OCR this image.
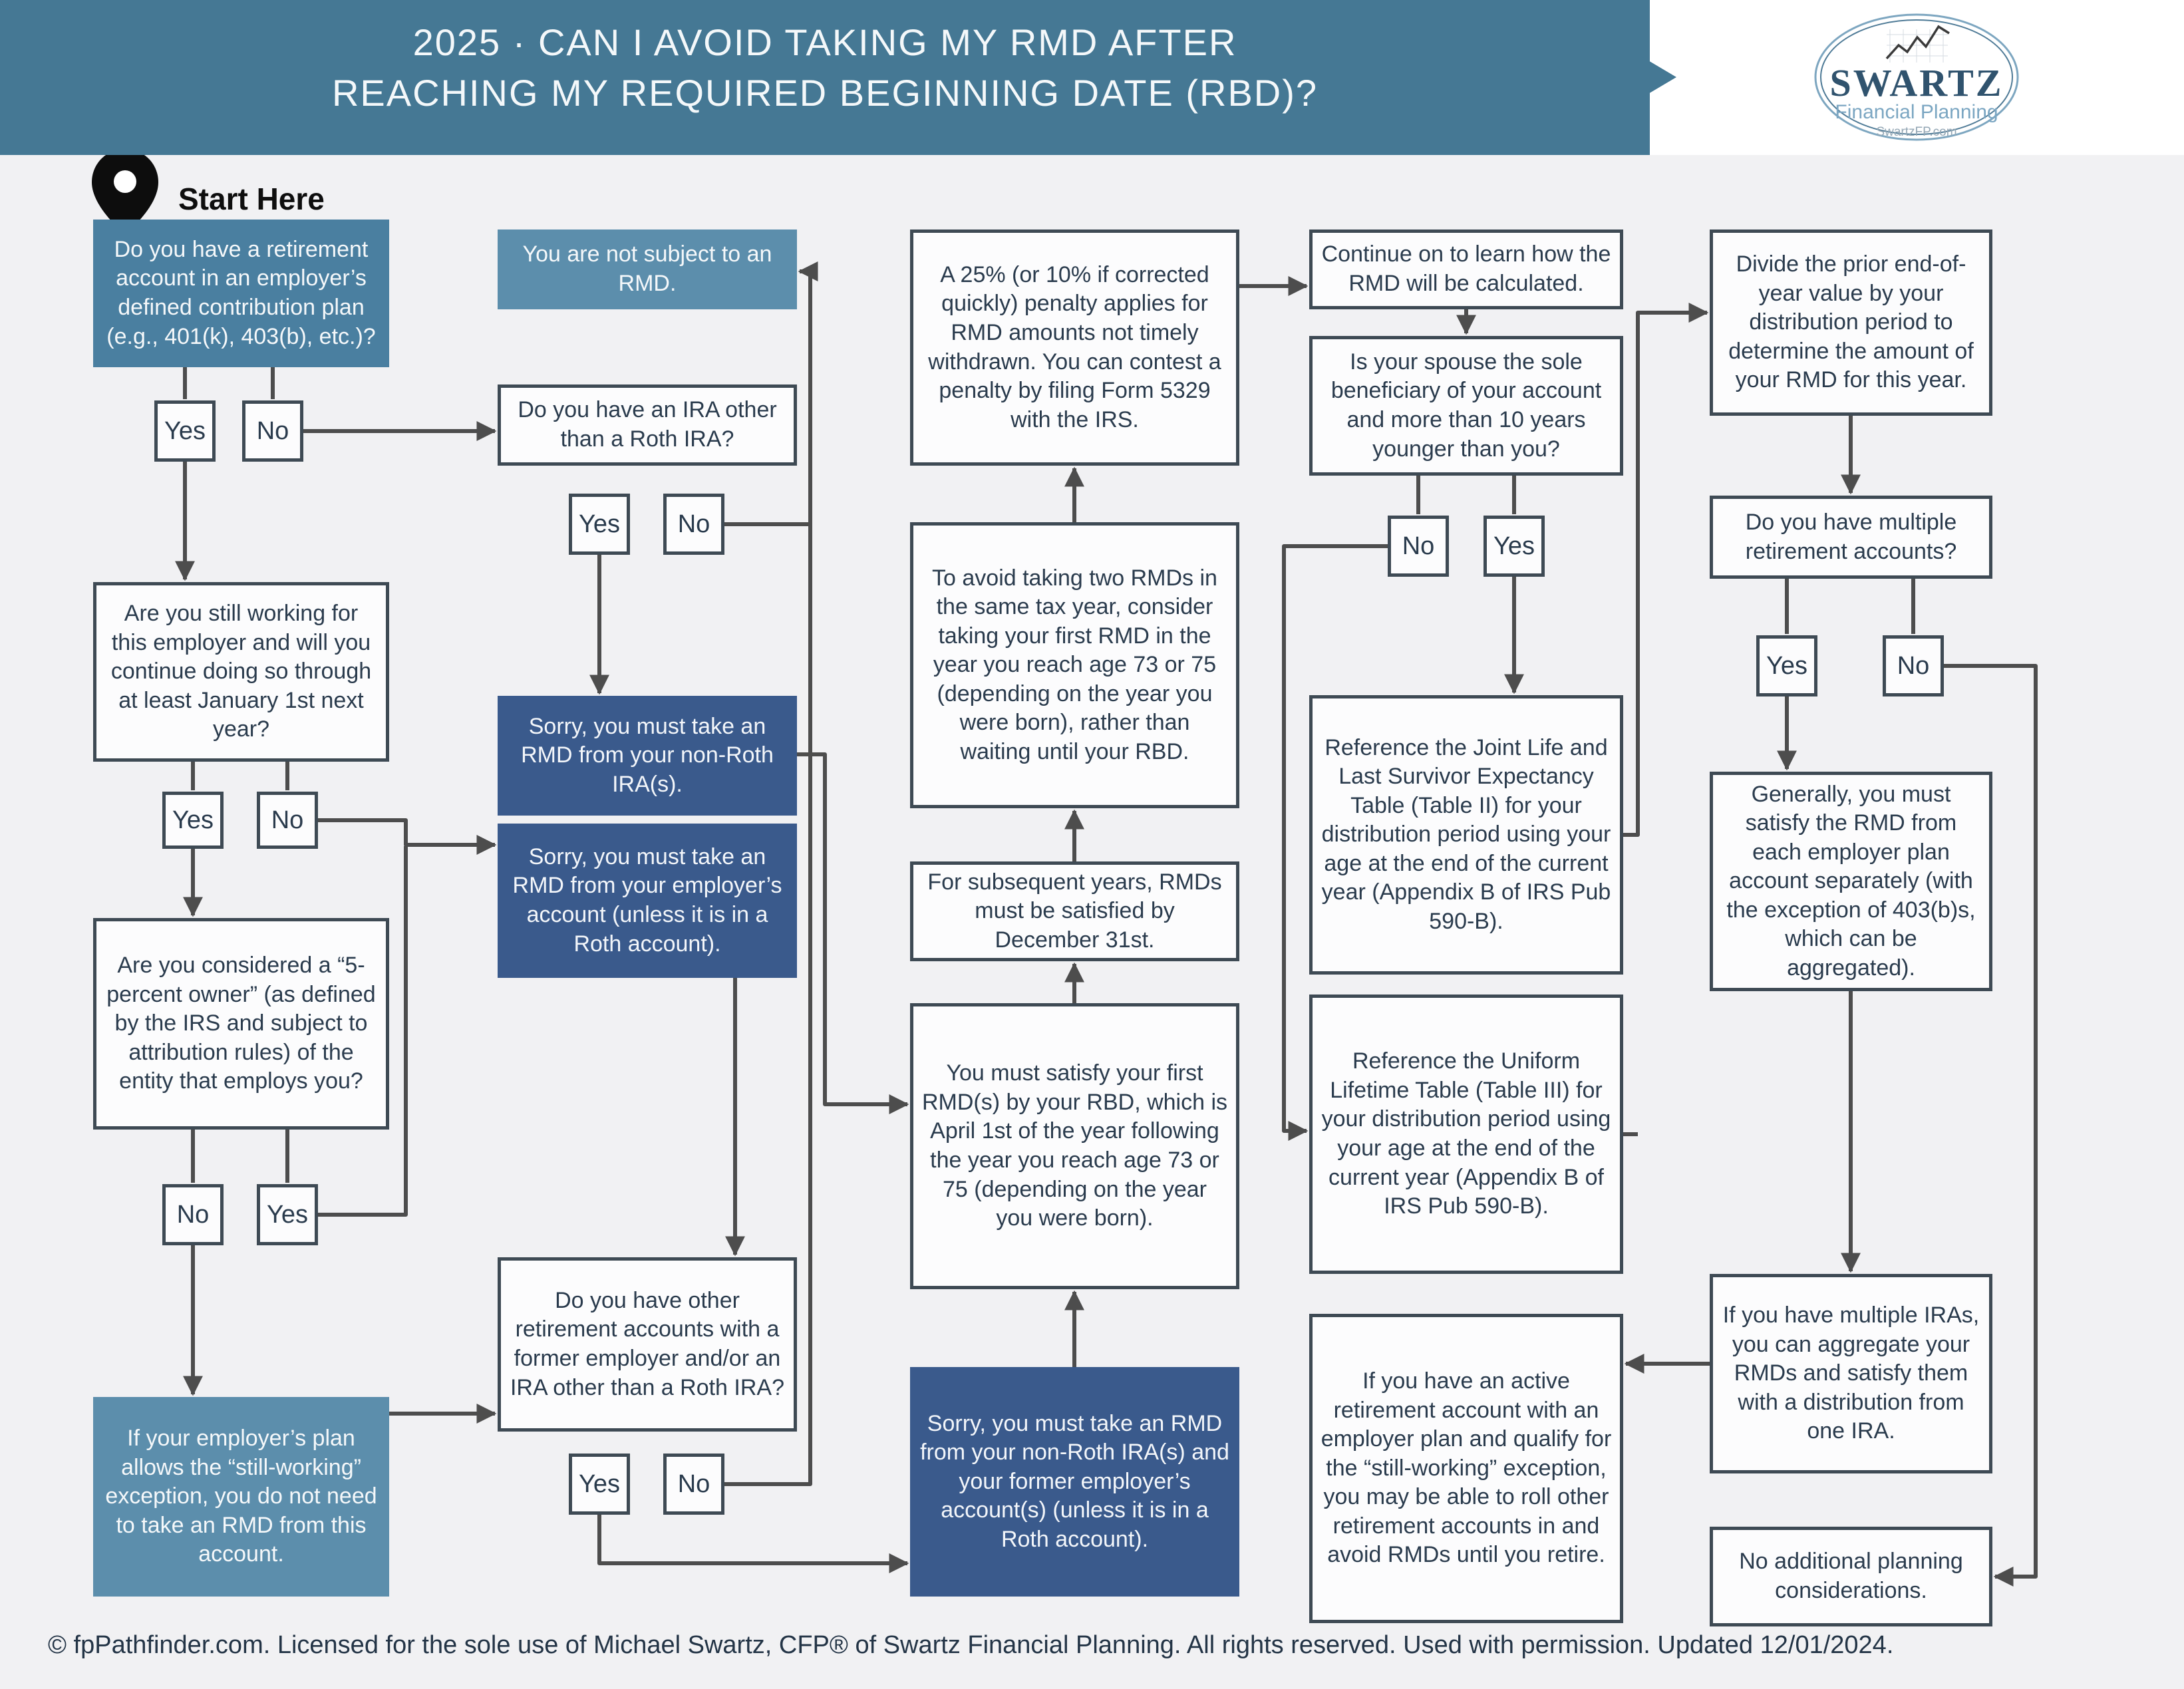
2025 · CAN I AVOID TAKING MY RMD AFTER
REACHING MY REQUIRED BEGINNING DATE (RBD)?	SWARTZ
Financial Planning
SwartzFP.com
Start Here
© fpPathfinder.com. Licensed for the sole use of Michael Swartz, CFP® of Swartz Financial Planning. All rights reserved. Used with permission. Updated 12/01/2024.
Do you have a retirement account in an employer’s defined contribution plan (e.g., 401(k), 403(b), etc.)?
Yes No
Are you still working for this employer and will you continue doing so through at least January 1st next year?
Yes No
Are you considered a “5-percent owner” (as defined by the IRS and subject to attribution rules) of the entity that employs you?
No Yes
If your employer’s plan allows the “still-working” exception, you do not need to take an RMD from this account.
You are not subject to an RMD.
Do you have an IRA other than a Roth IRA?
Yes No
Sorry, you must take an RMD from your non-Roth IRA(s).
Sorry, you must take an RMD from your employer’s account (unless it is in a Roth account).
Do you have other retirement accounts with a former employer and/or an IRA other than a Roth IRA?
Yes No
A 25% (or 10% if corrected quickly) penalty applies for RMD amounts not timely withdrawn. You can contest a penalty by filing Form 5329 with the IRS.
To avoid taking two RMDs in the same tax year, consider taking your first RMD in the year you reach age 73 or 75 (depending on the year you were born), rather than waiting until your RBD.
For subsequent years, RMDs must be satisfied by December 31st.
You must satisfy your first RMD(s) by your RBD, which is April 1st of the year following the year you reach age 73 or 75 (depending on the year you were born).
Sorry, you must take an RMD from your non-Roth IRA(s) and your former employer’s account(s) (unless it is in a Roth account).
Continue on to learn how the RMD will be calculated.
Is your spouse the sole beneficiary of your account and more than 10 years younger than you?
No Yes
Reference the Joint Life and Last Survivor Expectancy Table (Table II) for your distribution period using your age at the end of the current year (Appendix B of IRS Pub 590-B).
Reference the Uniform Lifetime Table (Table III) for your distribution period using your age at the end of the current year (Appendix B of IRS Pub 590-B).
If you have an active retirement account with an employer plan and qualify for the “still-working” exception, you may be able to roll other retirement accounts in and avoid RMDs until you retire.
Divide the prior end-of-year value by your distribution period to determine the amount of your RMD for this year.
Do you have multiple retirement accounts?
Yes	No
Generally, you must satisfy the RMD from each employer plan account separately (with the exception of 403(b)s, which can be aggregated).
If you have multiple IRAs, you can aggregate your RMDs and satisfy them with a distribution from one IRA.
No additional planning considerations.
